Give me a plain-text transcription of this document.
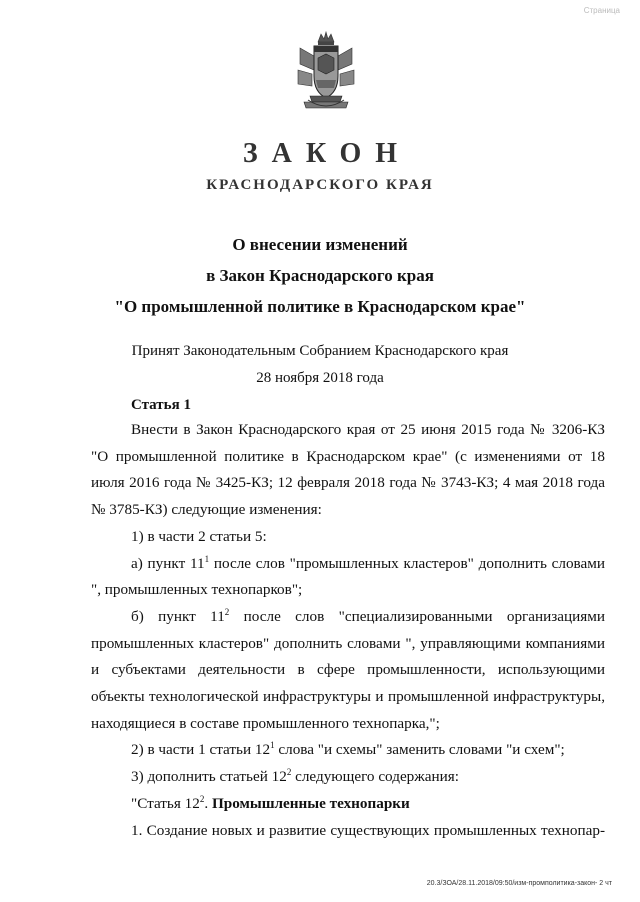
Страница
ЗАКОН
КРАСНОДАРСКОГО КРАЯ
О внесении изменений
в Закон Краснодарского края
"О промышленной политике в Краснодарском крае"
Принят Законодательным Собранием Краснодарского края
28 ноября 2018 года
Статья 1

Внести в Закон Краснодарского края от 25 июня 2015 года № 3206-КЗ "О промышленной политике в Краснодарском крае" (с изменениями от 18 июля 2016 года № 3425-КЗ; 12 февраля 2018 года № 3743-КЗ; 4 мая 2018 года № 3785-КЗ) следующие изменения:

1) в части 2 статьи 5:

а) пункт $11^1$ после слов "промышленных кластеров" дополнить словами ", промышленных технопарков";

б) пункт $11^2$ после слов "специализированными организациями промышленных кластеров" дополнить словами ", управляющими компаниями и субъектами деятельности в сфере промышленности, использующими объекты технологической инфраструктуры и промышленной инфраструктуры, находящиеся в составе промышленного технопарка,";

2) в части 1 статьи $12^1$ слова "и схемы" заменить словами "и схем";

3) дополнить статьей $12^2$ следующего содержания:

"Статья $12^2$. Промышленные технопарки

1. Создание новых и развитие существующих промышленных технопар-

20.3/ЗОА/28.11.2018/09:50/изм-промполитика-закон- 2 чт
